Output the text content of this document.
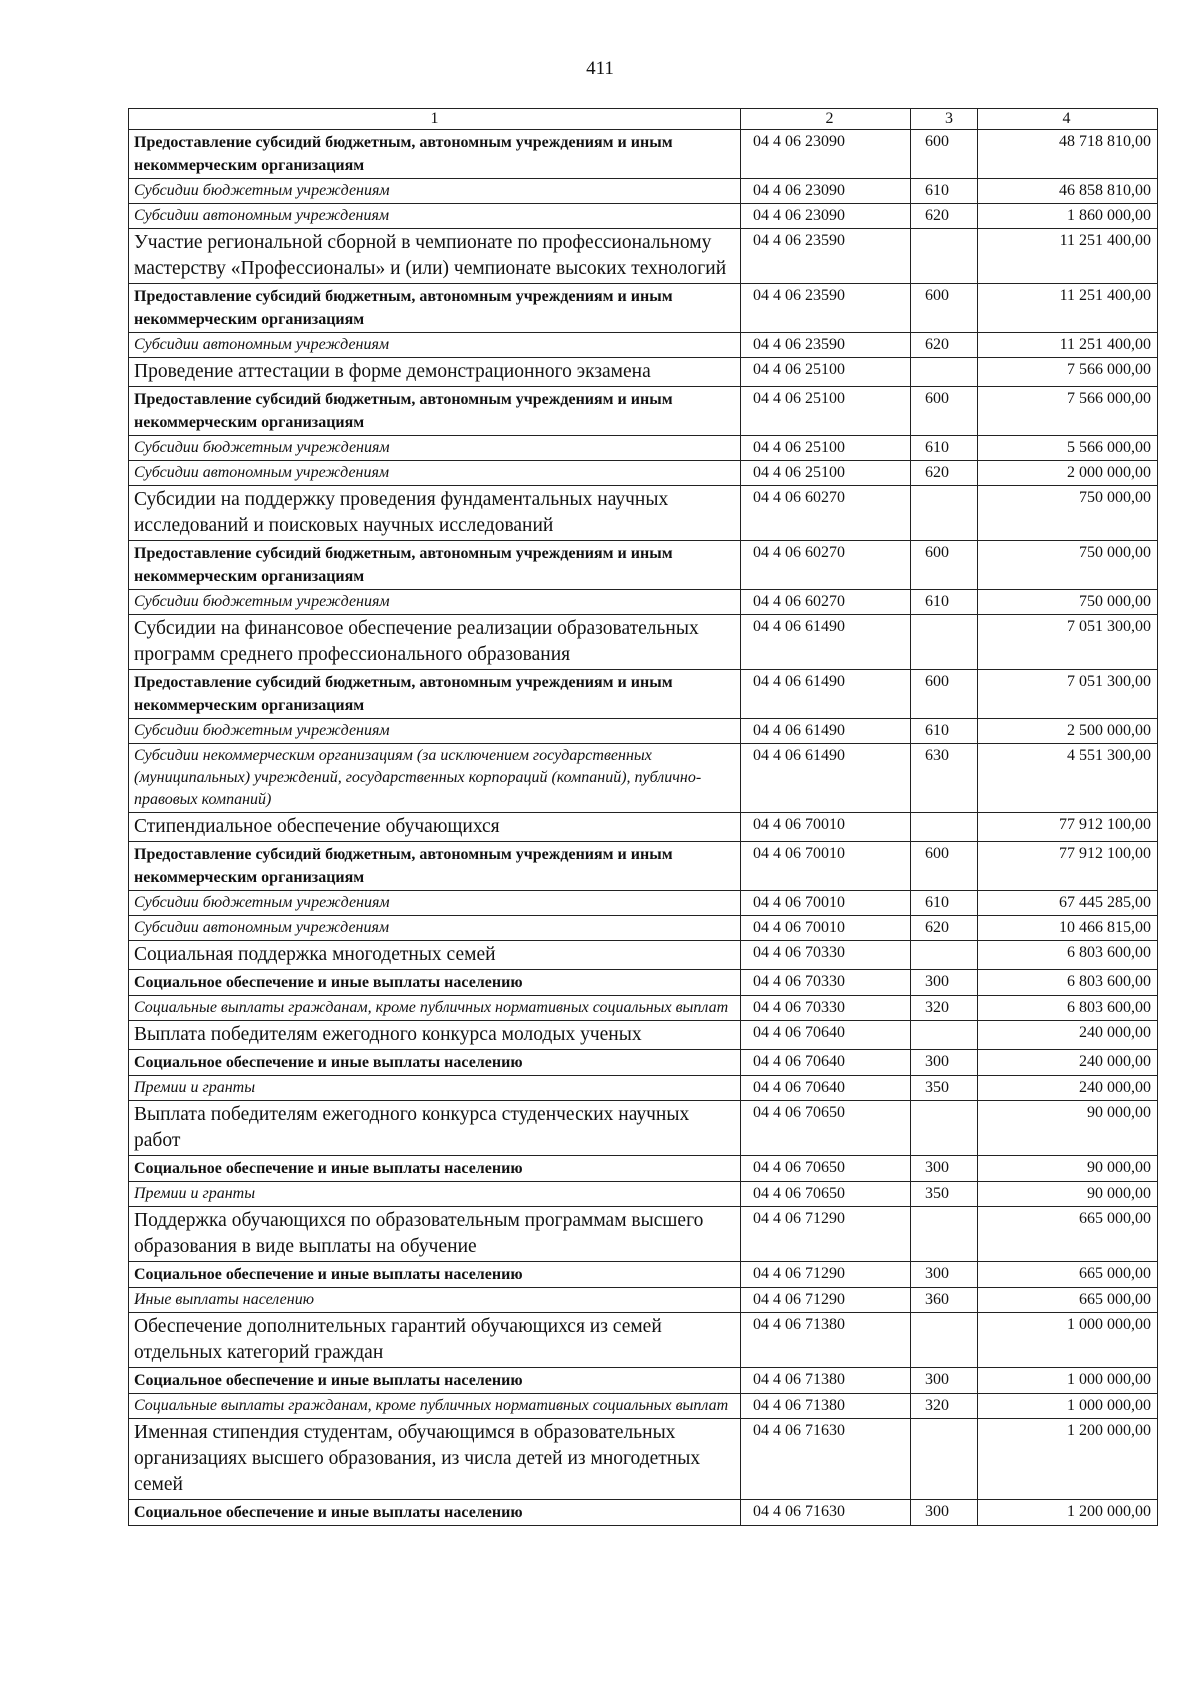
411
1	2	3	4
Предоставление субсидий бюджетным, автономным учреждениям и иным некоммерческим организациям	04 4 06 23090	600	48 718 810,00
Субсидии бюджетным учреждениям	04 4 06 23090	610	46 858 810,00
Субсидии автономным учреждениям	04 4 06 23090	620	1 860 000,00
Участие региональной сборной в чемпионате по профессиональному мастерству «Профессионалы» и (или) чемпионате высоких технологий	04 4 06 23590		11 251 400,00
Предоставление субсидий бюджетным, автономным учреждениям и иным некоммерческим организациям	04 4 06 23590	600	11 251 400,00
Субсидии автономным учреждениям	04 4 06 23590	620	11 251 400,00
Проведение аттестации в форме демонстрационного экзамена	04 4 06 25100		7 566 000,00
Предоставление субсидий бюджетным, автономным учреждениям и иным некоммерческим организациям	04 4 06 25100	600	7 566 000,00
Субсидии бюджетным учреждениям	04 4 06 25100	610	5 566 000,00
Субсидии автономным учреждениям	04 4 06 25100	620	2 000 000,00
Субсидии на поддержку проведения фундаментальных научных исследований и поисковых научных исследований	04 4 06 60270		750 000,00
Предоставление субсидий бюджетным, автономным учреждениям и иным некоммерческим организациям	04 4 06 60270	600	750 000,00
Субсидии бюджетным учреждениям	04 4 06 60270	610	750 000,00
Субсидии на финансовое обеспечение реализации образовательных программ среднего профессионального образования	04 4 06 61490		7 051 300,00
Предоставление субсидий бюджетным, автономным учреждениям и иным некоммерческим организациям	04 4 06 61490	600	7 051 300,00
Субсидии бюджетным учреждениям	04 4 06 61490	610	2 500 000,00
Субсидии некоммерческим организациям (за исключением государственных (муниципальных) учреждений, государственных корпораций (компаний), публично-правовых компаний)	04 4 06 61490	630	4 551 300,00
Стипендиальное обеспечение обучающихся	04 4 06 70010		77 912 100,00
Предоставление субсидий бюджетным, автономным учреждениям и иным некоммерческим организациям	04 4 06 70010	600	77 912 100,00
Субсидии бюджетным учреждениям	04 4 06 70010	610	67 445 285,00
Субсидии автономным учреждениям	04 4 06 70010	620	10 466 815,00
Социальная поддержка многодетных семей	04 4 06 70330		6 803 600,00
Социальное обеспечение и иные выплаты населению	04 4 06 70330	300	6 803 600,00
Социальные выплаты гражданам, кроме публичных нормативных социальных выплат	04 4 06 70330	320	6 803 600,00
Выплата победителям ежегодного конкурса молодых ученых	04 4 06 70640		240 000,00
Социальное обеспечение и иные выплаты населению	04 4 06 70640	300	240 000,00
Премии и гранты	04 4 06 70640	350	240 000,00
Выплата победителям ежегодного конкурса студенческих научных работ	04 4 06 70650		90 000,00
Социальное обеспечение и иные выплаты населению	04 4 06 70650	300	90 000,00
Премии и гранты	04 4 06 70650	350	90 000,00
Поддержка обучающихся по образовательным программам высшего образования в виде выплаты на обучение	04 4 06 71290		665 000,00
Социальное обеспечение и иные выплаты населению	04 4 06 71290	300	665 000,00
Иные выплаты населению	04 4 06 71290	360	665 000,00
Обеспечение дополнительных гарантий обучающихся из семей отдельных категорий граждан	04 4 06 71380		1 000 000,00
Социальное обеспечение и иные выплаты населению	04 4 06 71380	300	1 000 000,00
Социальные выплаты гражданам, кроме публичных нормативных социальных выплат	04 4 06 71380	320	1 000 000,00
Именная стипендия студентам, обучающимся в образовательных организациях высшего образования, из числа детей из многодетных семей	04 4 06 71630		1 200 000,00
Социальное обеспечение и иные выплаты населению	04 4 06 71630	300	1 200 000,00
